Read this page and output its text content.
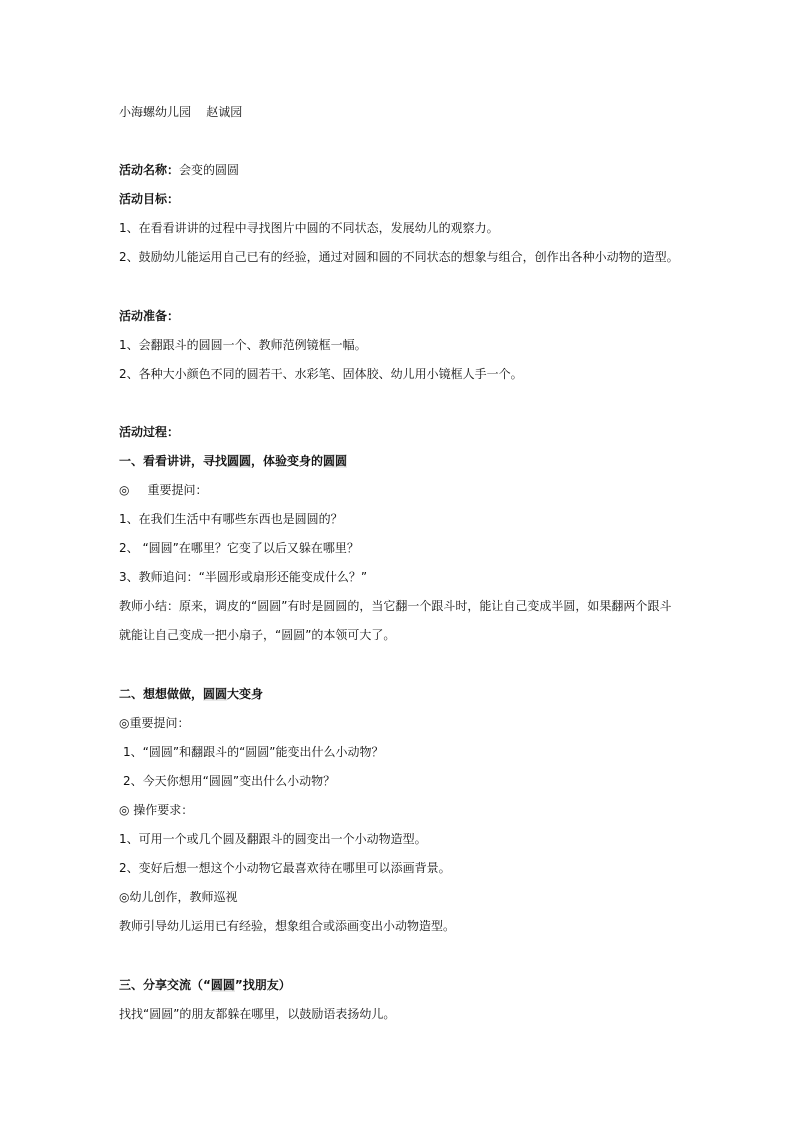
小海螺幼儿园 赵诚园
活动名称：会变的圆圆
活动目标：
1、在看看讲讲的过程中寻找图片中圆的不同状态，发展幼儿的观察力。
2、鼓励幼儿能运用自己已有的经验，通过对圆和圆的不同状态的想象与组合，创作出各种小动物的造型。
活动准备：
1、会翻跟斗的圆圆一个、教师范例镜框一幅。
2、各种大小颜色不同的圆若干、水彩笔、固体胶、幼儿用小镜框人手一个。
活动过程：
一、看看讲讲，寻找圆圆，体验变身的圆圆
◎ 重要提问：
1、在我们生活中有哪些东西也是圆圆的？
2、 “圆圆”在哪里？它变了以后又躲在哪里？
3、教师追问：“半圆形或扇形还能变成什么？”
教师小结：原来，调皮的“圆圆”有时是圆圆的，当它翻一个跟斗时，能让自己变成半圆，如果翻两个跟斗
就能让自己变成一把小扇子，“圆圆”的本领可大了。
二、想想做做，圆圆大变身
◎重要提问：
1、“圆圆”和翻跟斗的“圆圆”能变出什么小动物？
2、今天你想用“圆圆”变出什么小动物？
◎ 操作要求：
1、可用一个或几个圆及翻跟斗的圆变出一个小动物造型。
2、变好后想一想这个小动物它最喜欢待在哪里可以添画背景。
◎幼儿创作，教师巡视
教师引导幼儿运用已有经验，想象组合或添画变出小动物造型。
三、分享交流（“圆圆”找朋友）
找找“圆圆”的朋友都躲在哪里，以鼓励语表扬幼儿。
